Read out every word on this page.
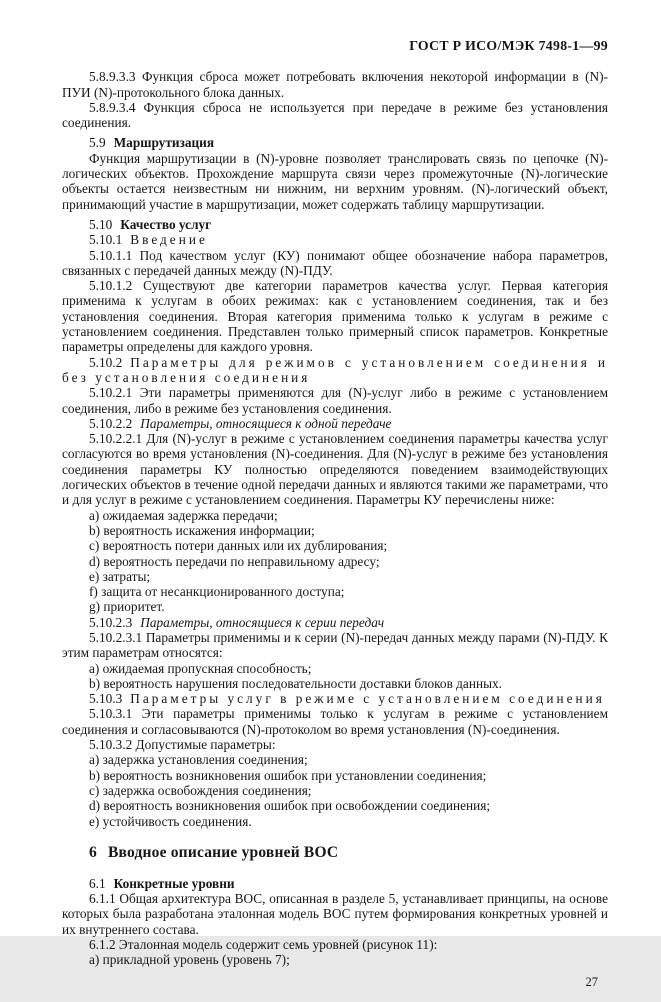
ГОСТ Р ИСО/МЭК 7498-1—99

5.8.9.3.3 Функция сброса может потребовать включения некоторой информации в (N)-ПУИ (N)-протокольного блока данных.

5.8.9.3.4 Функция сброса не используется при передаче в режиме без установления соединения.

5.9 Маршрутизация

Функция маршрутизации в (N)-уровне позволяет транслировать связь по цепочке (N)-логических объектов. Прохождение маршрута связи через промежуточные (N)-логические объекты остается неизвестным ни нижним, ни верхним уровням. (N)-логический объект, принимающий участие в маршрутизации, может содержать таблицу маршрутизации.

5.10 Качество услуг

5.10.1 Введение

5.10.1.1 Под качеством услуг (КУ) понимают общее обозначение набора параметров, связанных с передачей данных между (N)-ПДУ.

5.10.1.2 Существуют две категории параметров качества услуг. Первая категория применима к услугам в обоих режимах: как с установлением соединения, так и без установления соединения. Вторая категория применима только к услугам в режиме с установлением соединения. Представлен только примерный список параметров. Конкретные параметры определены для каждого уровня.

5.10.2 Параметры для режимов с установлением соединения и без установления соединения

5.10.2.1 Эти параметры применяются для (N)-услуг либо в режиме с установлением соединения, либо в режиме без установления соединения.

5.10.2.2 Параметры, относящиеся к одной передаче

5.10.2.2.1 Для (N)-услуг в режиме с установлением соединения параметры качества услуг согласуются во время установления (N)-соединения. Для (N)-услуг в режиме без установления соединения параметры КУ полностью определяются поведением взаимодействующих логических объектов в течение одной передачи данных и являются такими же параметрами, что и для услуг в режиме с установлением соединения. Параметры КУ перечислены ниже:

a) ожидаемая задержка передачи;

b) вероятность искажения информации;

c) вероятность потери данных или их дублирования;

d) вероятность передачи по неправильному адресу;

e) затраты;

f) защита от несанкционированного доступа;

g) приоритет.

5.10.2.3 Параметры, относящиеся к серии передач

5.10.2.3.1 Параметры применимы и к серии (N)-передач данных между парами (N)-ПДУ. К этим параметрам относятся:

a) ожидаемая пропускная способность;

b) вероятность нарушения последовательности доставки блоков данных.

5.10.3 Параметры услуг в режиме с установлением соединения

5.10.3.1 Эти параметры применимы только к услугам в режиме с установлением соединения и согласовываются (N)-протоколом во время установления (N)-соединения.

5.10.3.2 Допустимые параметры:

a) задержка установления соединения;

b) вероятность возникновения ошибок при установлении соединения;

c) задержка освобождения соединения;

d) вероятность возникновения ошибок при освобождении соединения;

e) устойчивость соединения.

6 Вводное описание уровней ВОС

6.1 Конкретные уровни

6.1.1 Общая архитектура ВОС, описанная в разделе 5, устанавливает принципы, на основе которых была разработана эталонная модель ВОС путем формирования конкретных уровней и их внутреннего состава.

6.1.2 Эталонная модель содержит семь уровней (рисунок 11):

a) прикладной уровень (уровень 7);

27
